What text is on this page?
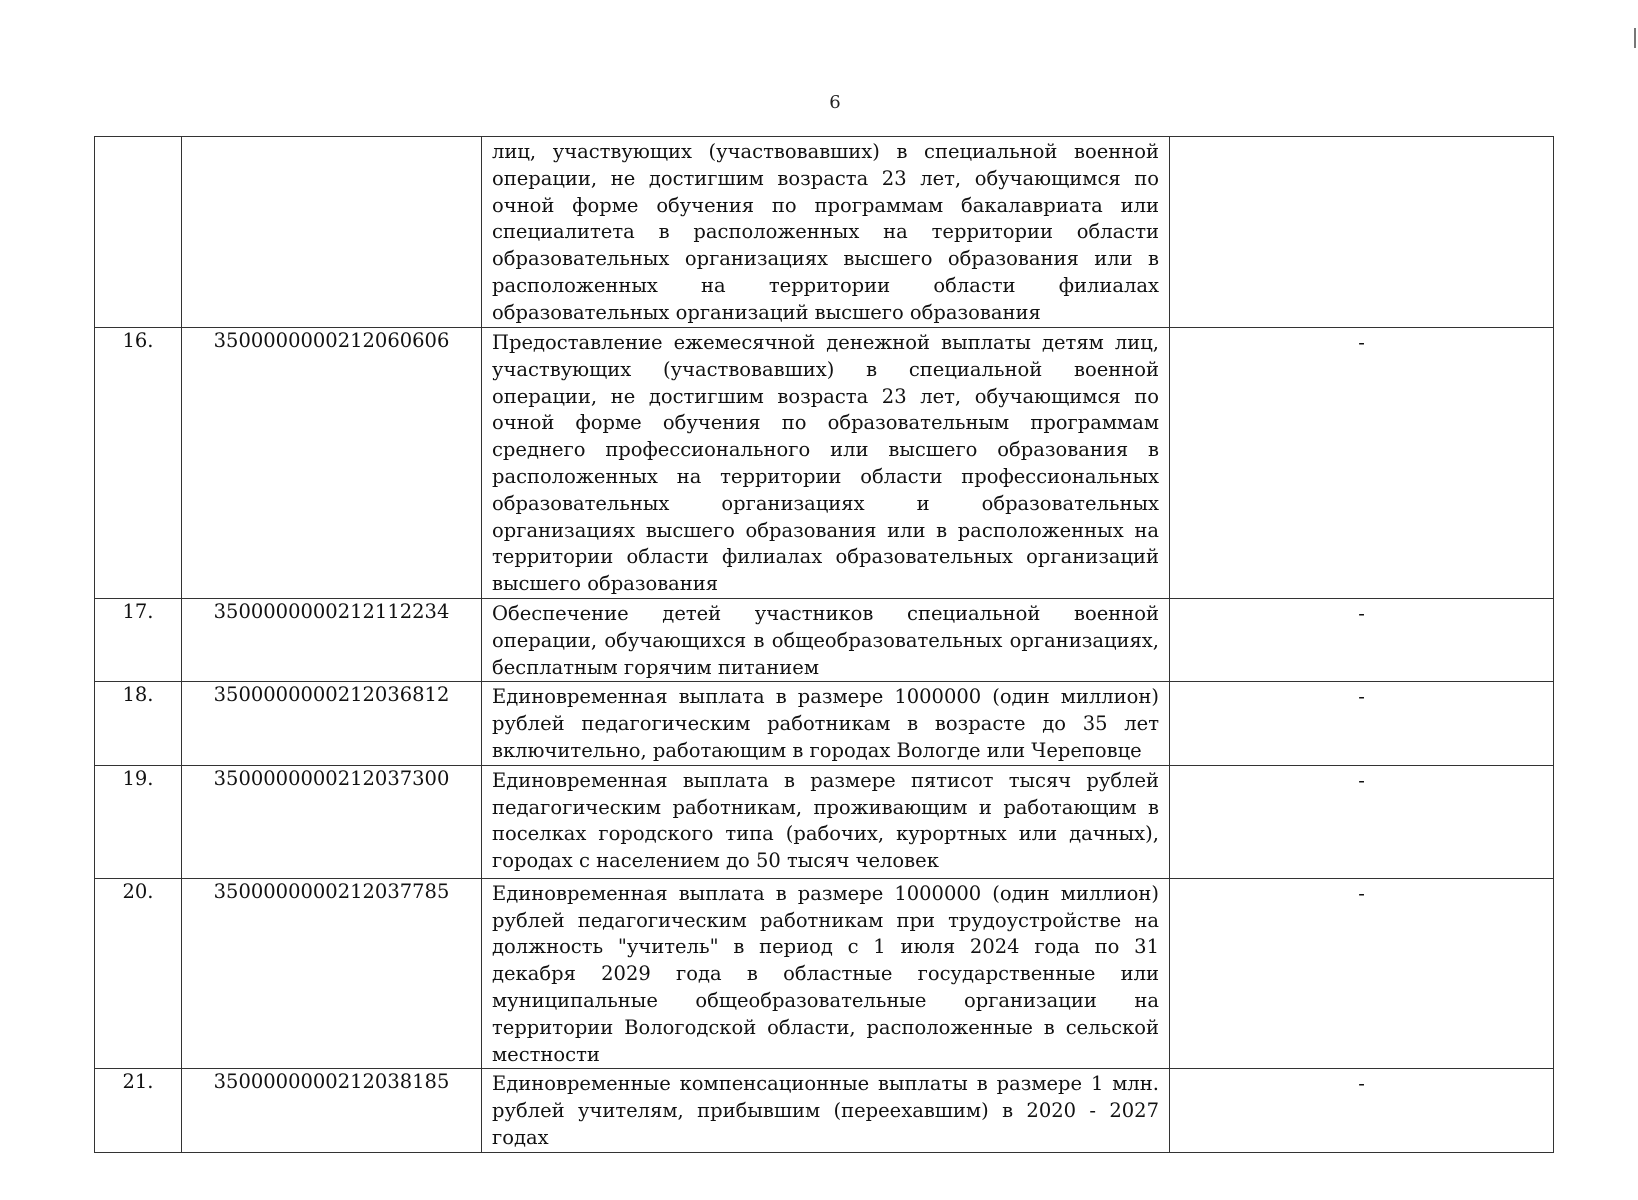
6

		лиц, участвующих (участвовавших) в специальной военной операции, не достигшим возраста 23 лет, обучающимся по очной форме обучения по программам бакалавриата или специалитета в расположенных на территории области образовательных организациях высшего образования или в расположенных на территории области филиалах образовательных организаций высшего образования	

16.	3500000000212060606	Предоставление ежемесячной денежной выплаты детям лиц, участвующих (участвовавших) в специальной военной операции, не достигшим возраста 23 лет, обучающимся по очной форме обучения по образовательным программам среднего профессионального или высшего образования в расположенных на территории области профессиональных образовательных организациях и образовательных организациях высшего образования или в расположенных на территории области филиалах образовательных организаций высшего образования	-

17.	3500000000212112234	Обеспечение детей участников специальной военной операции, обучающихся в общеобразовательных организациях, бесплатным горячим питанием	-

18.	3500000000212036812	Единовременная выплата в размере 1000000 (один миллион) рублей педагогическим работникам в возрасте до 35 лет включительно, работающим в городах Вологде или Череповце	-

19.	3500000000212037300	Единовременная выплата в размере пятисот тысяч рублей педагогическим работникам, проживающим и работающим в поселках городского типа (рабочих, курортных или дачных), городах с населением до 50 тысяч человек	-

20.	3500000000212037785	Единовременная выплата в размере 1000000 (один миллион) рублей педагогическим работникам при трудоустройстве на должность "учитель" в период с 1 июля 2024 года по 31 декабря 2029 года в областные государственные или муниципальные общеобразовательные организации на территории Вологодской области, расположенные в сельской местности	-

21.	3500000000212038185	Единовременные компенсационные выплаты в размере 1 млн. рублей учителям, прибывшим (переехавшим) в 2020 - 2027 годах	-
